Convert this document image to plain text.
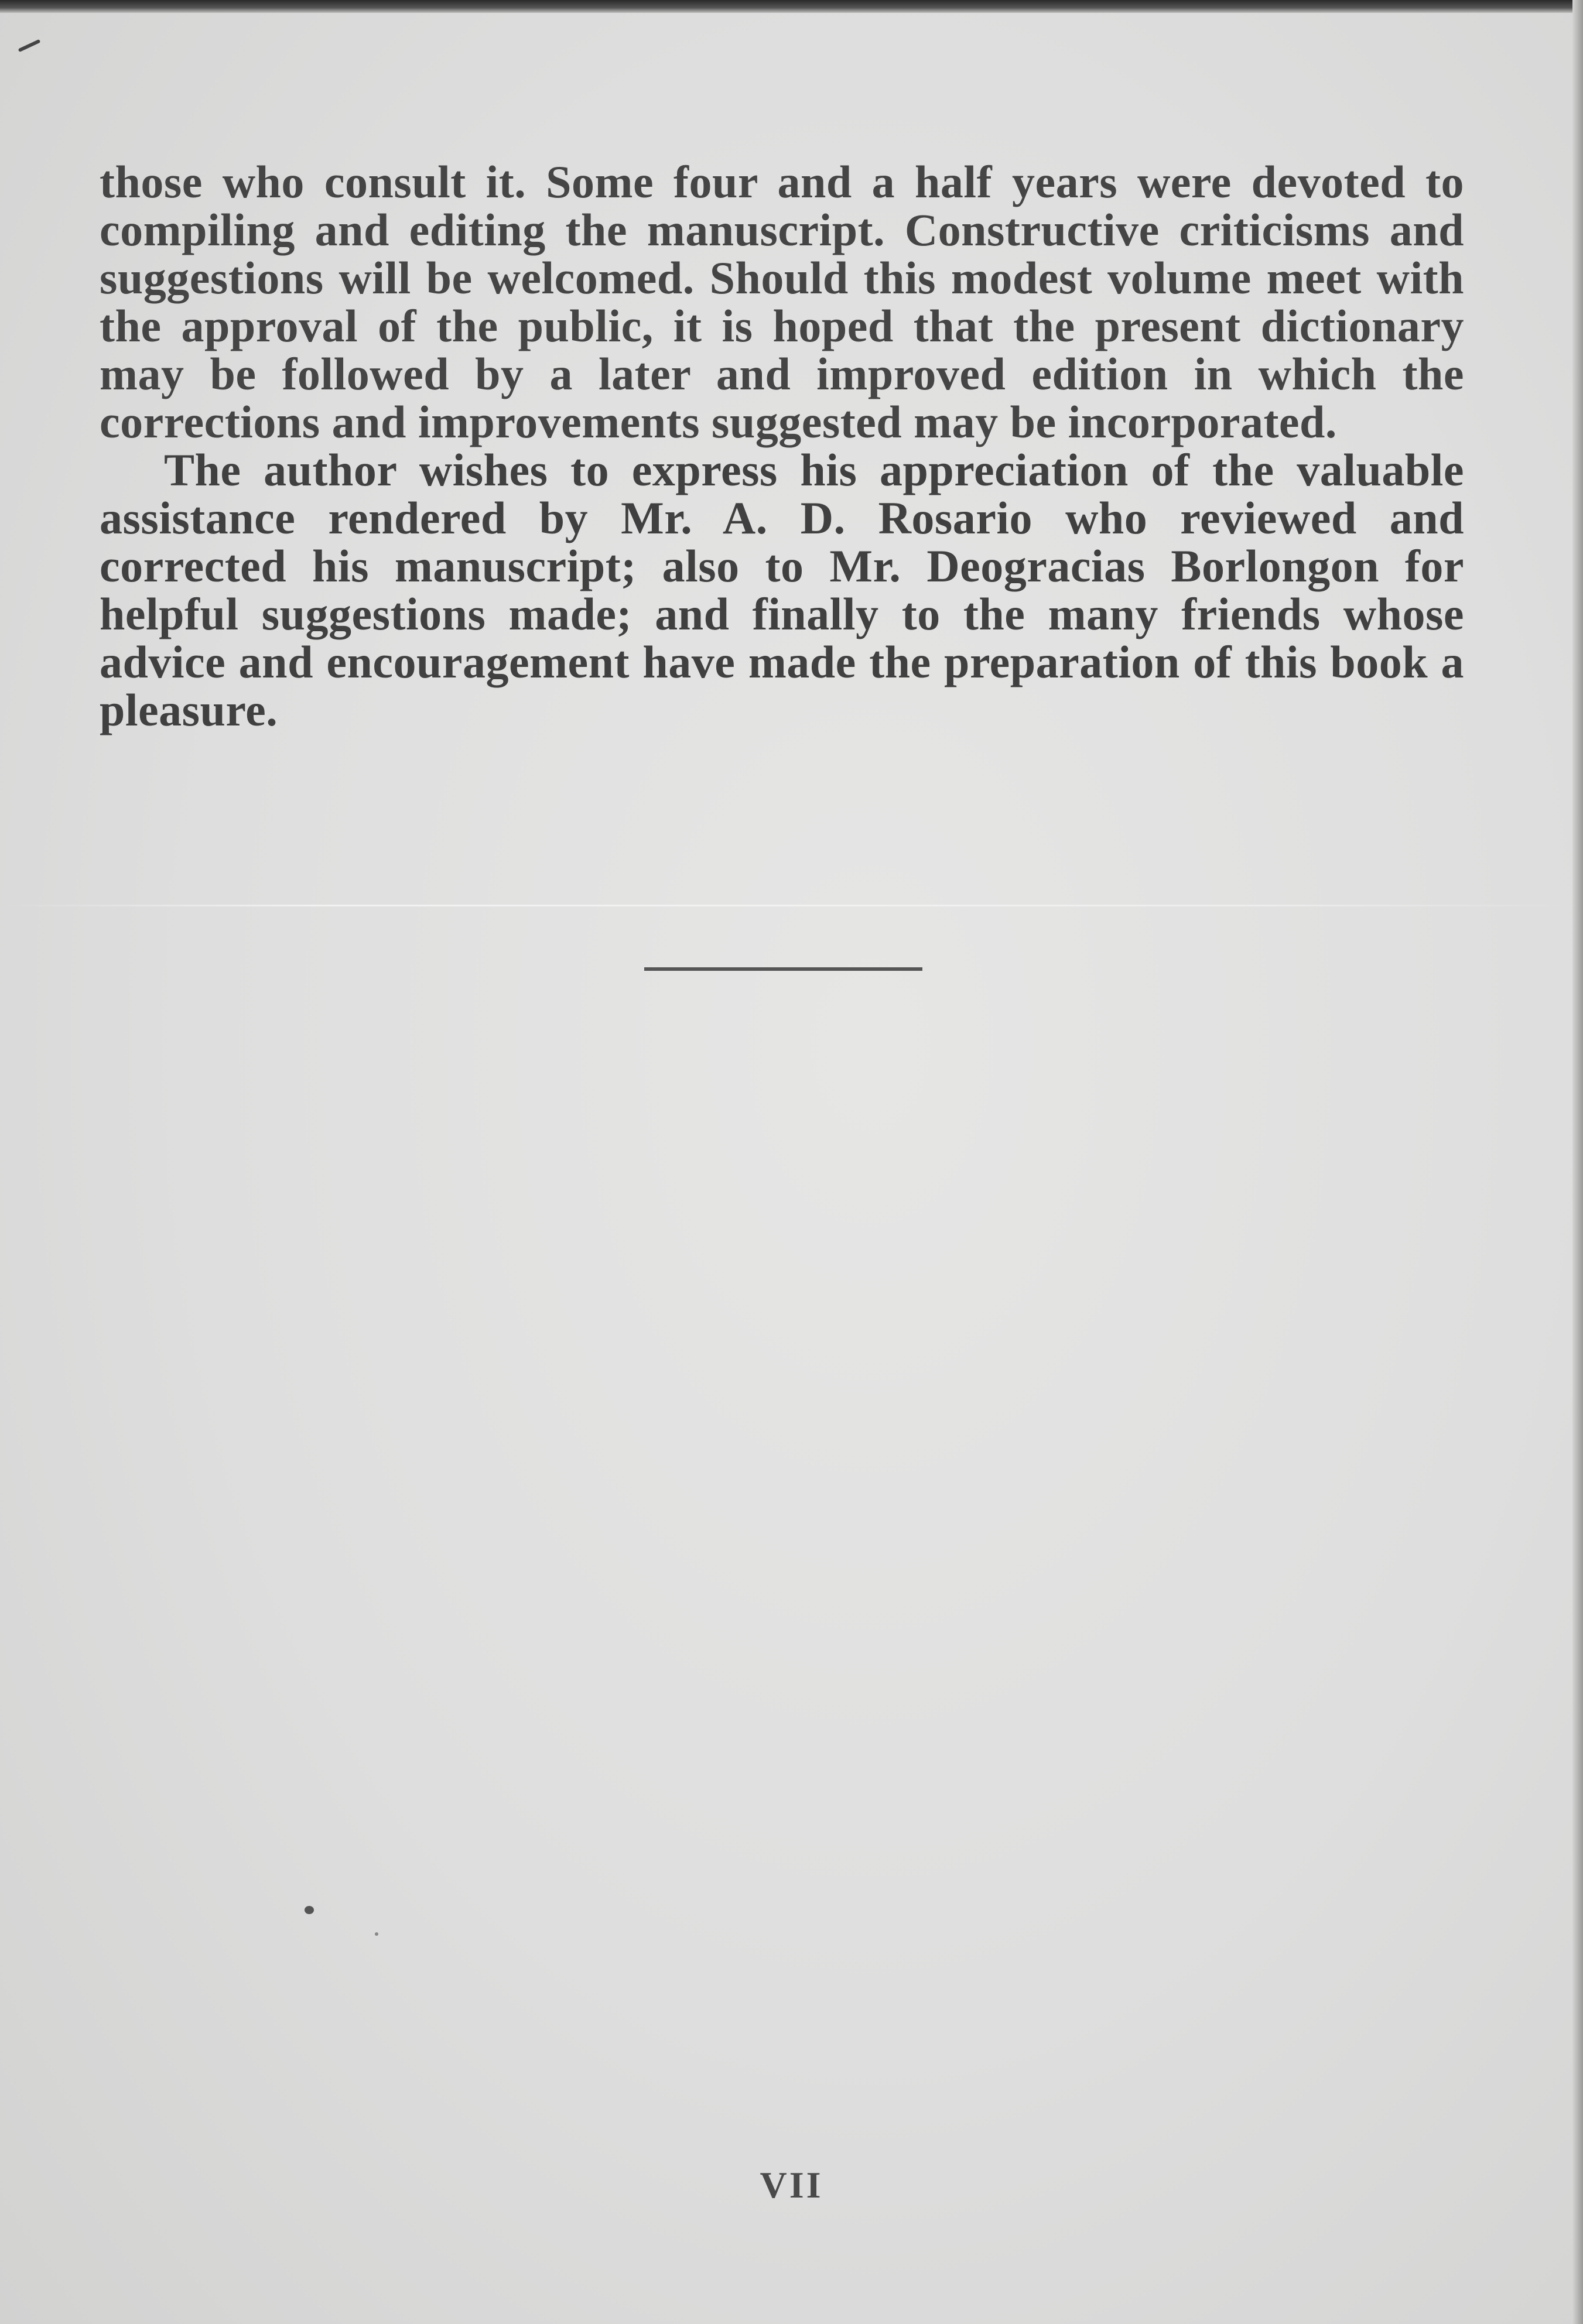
those who consult it. Some four and a half years were devoted to compiling and editing the manuscript. Constructive criticisms and suggestions will be welcomed. Should this modest volume meet with the approval of the public, it is hoped that the present dictionary may be followed by a later and improved edition in which the corrections and improvements suggested may be incorporated.

The author wishes to express his appreciation of the valuable assistance rendered by Mr. A. D. Rosario who reviewed and corrected his manuscript; also to Mr. Deogracias Borlongon for helpful suggestions made; and finally to the many friends whose advice and encouragement have made the preparation of this book a pleasure.

VII
